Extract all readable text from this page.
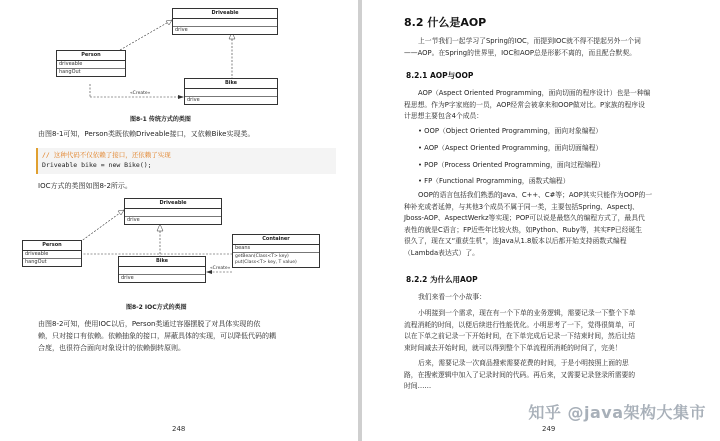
Driveable
drive
Person
driveable
hangOut
Bike
drive
«Create»
图8-1 传统方式的类图
由图8-1可知，Person类既依赖Driveable接口，又依赖Bike实现类。
// 这种代码不仅依赖了接口，还依赖了实现
Driveable bike = new Bike();
IOC方式的类图如图8-2所示。
Driveable
drive
Person
driveable
hangOut	Bike
drive
Container
beans
getBean(Class<T> key)
put(Class<T> key, T value)
«Create»
图8-2 IOC方式的类图
由图8-2可知，使用IOC以后，Person类通过容器摆脱了对具体实现的依
赖，只对接口有依赖。依赖抽象的接口，屏蔽具体的实现，可以降低代码的耦
合度，也很符合面向对象设计的依赖倒转原则。
248
8.2 什么是AOP
上一节我们一起学习了Spring的IOC，而提到IOC就不得不提起另外一个词
——AOP。在Spring的世界里，IOC和AOP总是形影不离的，而且配合默契。
8.2.1 AOP与OOP
AOP（Aspect Oriented Programming，面向切面的程序设计）也是一种编
程思想。作为P字家庭的一员，AOP经常会被拿来和OOP做对比。P家族的程序设
计思想主要包含4个成员：
• OOP（Object Oriented Programming，面向对象编程）
• AOP（Aspect Oriented Programming，面向切面编程）
• POP（Process Oriented Programming，面向过程编程）
• FP（Functional Programming，函数式编程）
OOP的语言包括我们熟悉的Java、C++、C#等；AOP其实只能作为OOP的一
种补充或者延伸，与其他3个成员不属于同一类，主要包括Spring、AspectJ、
Jboss-AOP、AspectWerkz等实现；POP可以说是最悠久的编程方式了，最具代
表性的就是C语言；FP近些年比较火热，如Python、Ruby等，其实FP已经诞生
很久了，现在又“重获生机”，连Java从1.8版本以后都开始支持函数式编程
（Lambda表达式）了。
8.2.2 为什么用AOP
我们来看一个小故事：
小明接到一个需求，现在有一个下单的业务逻辑，需要记录一下整个下单
流程消耗的时间，以便后续进行性能优化。小明思考了一下，觉得很简单，可
以在下单之前记录一下开始时间，在下单完成后记录一下结束时间，然后让结
束时间减去开始时间，就可以得到整个下单流程所消耗的时间了，完美！
后来，需要记录一次商品搜索需要花费的时间，于是小明按照上面的思
路，在搜索逻辑中加入了记录时间的代码。再后来，又需要记录登录所需要的
时间……
249
知乎 @java架构大集市
